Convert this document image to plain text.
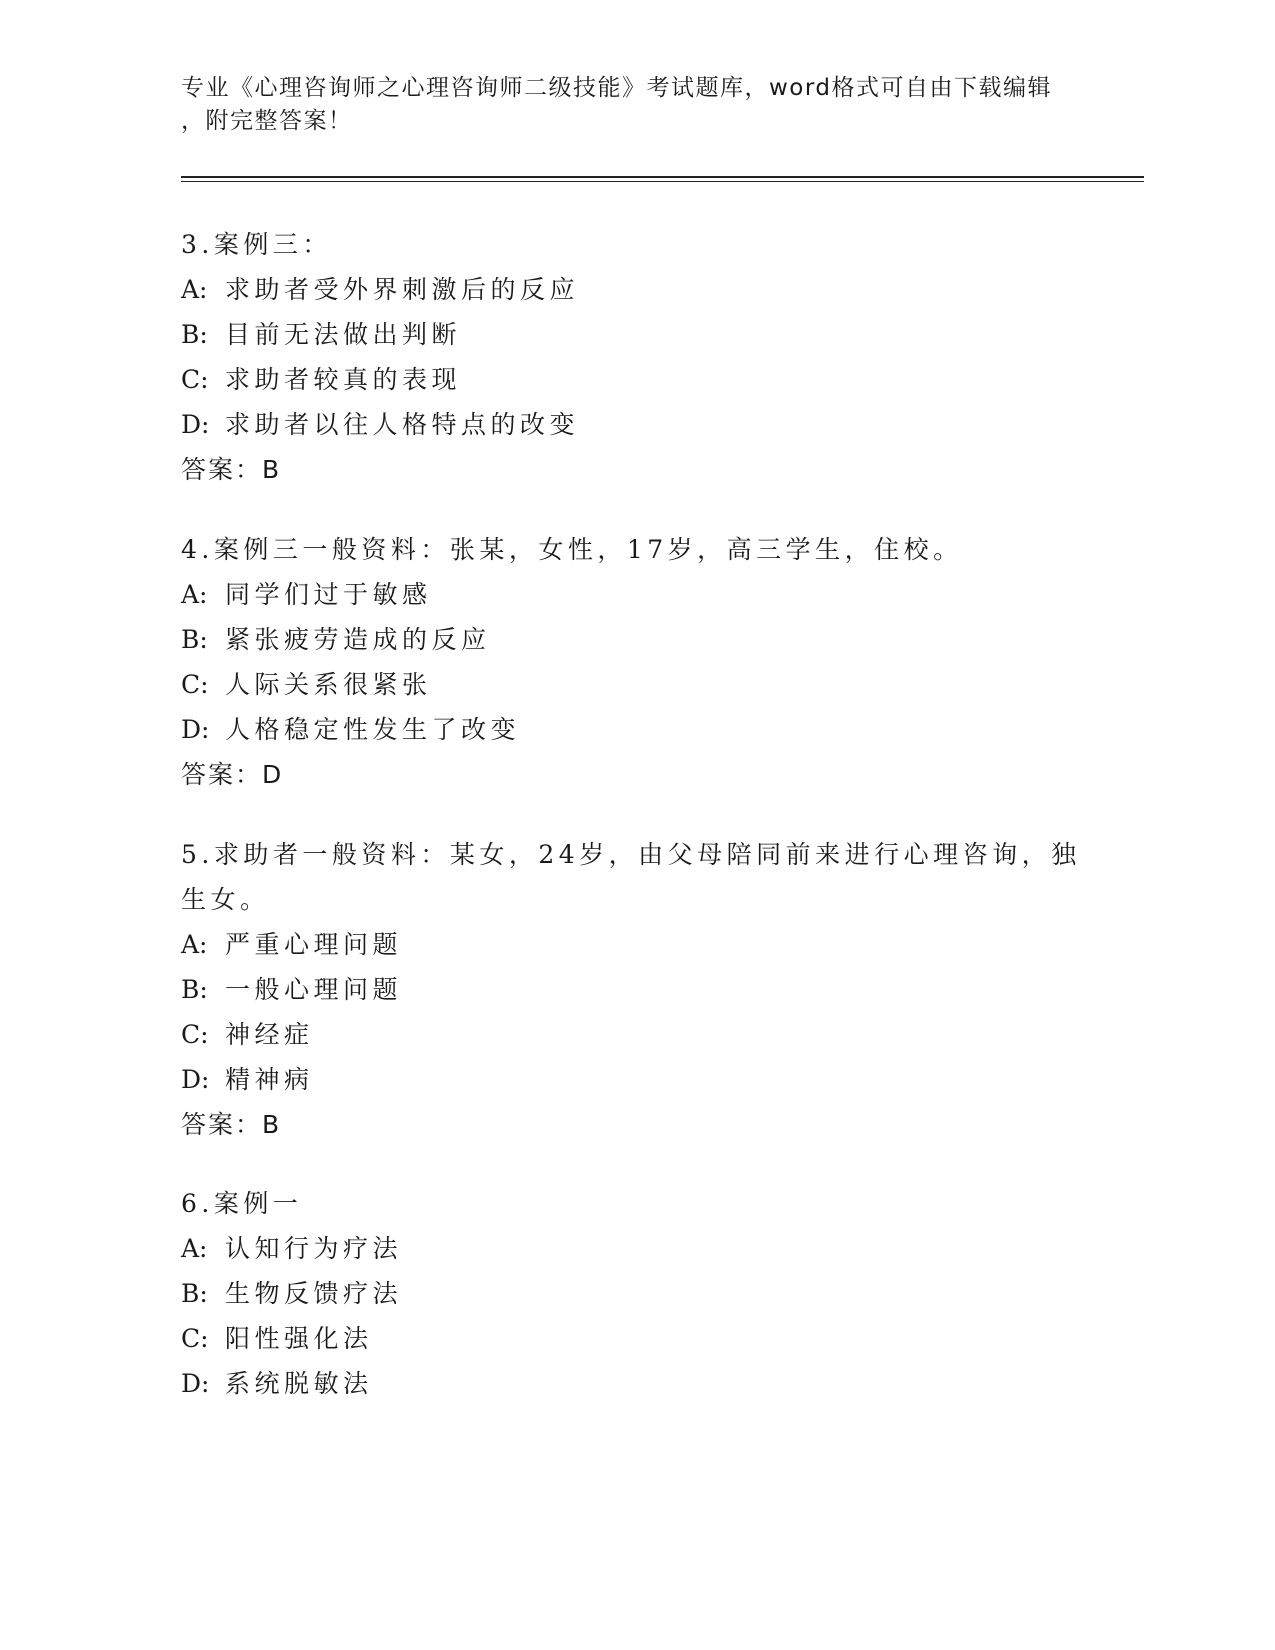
专业《心理咨询师之心理咨询师二级技能》考试题库，word格式可自由下载编辑
，附完整答案！
3.案例三：
A: 求助者受外界刺激后的反应
B: 目前无法做出判断
C: 求助者较真的表现
D: 求助者以往人格特点的改变
答案：B
4.案例三一般资料：张某，女性，17岁，高三学生，住校。
A: 同学们过于敏感
B: 紧张疲劳造成的反应
C: 人际关系很紧张
D: 人格稳定性发生了改变
答案：D
5.求助者一般资料：某女，24岁，由父母陪同前来进行心理咨询，独
生女。
A: 严重心理问题
B: 一般心理问题
C: 神经症
D: 精神病
答案：B
6.案例一
A: 认知行为疗法
B: 生物反馈疗法
C: 阳性强化法
D: 系统脱敏法
